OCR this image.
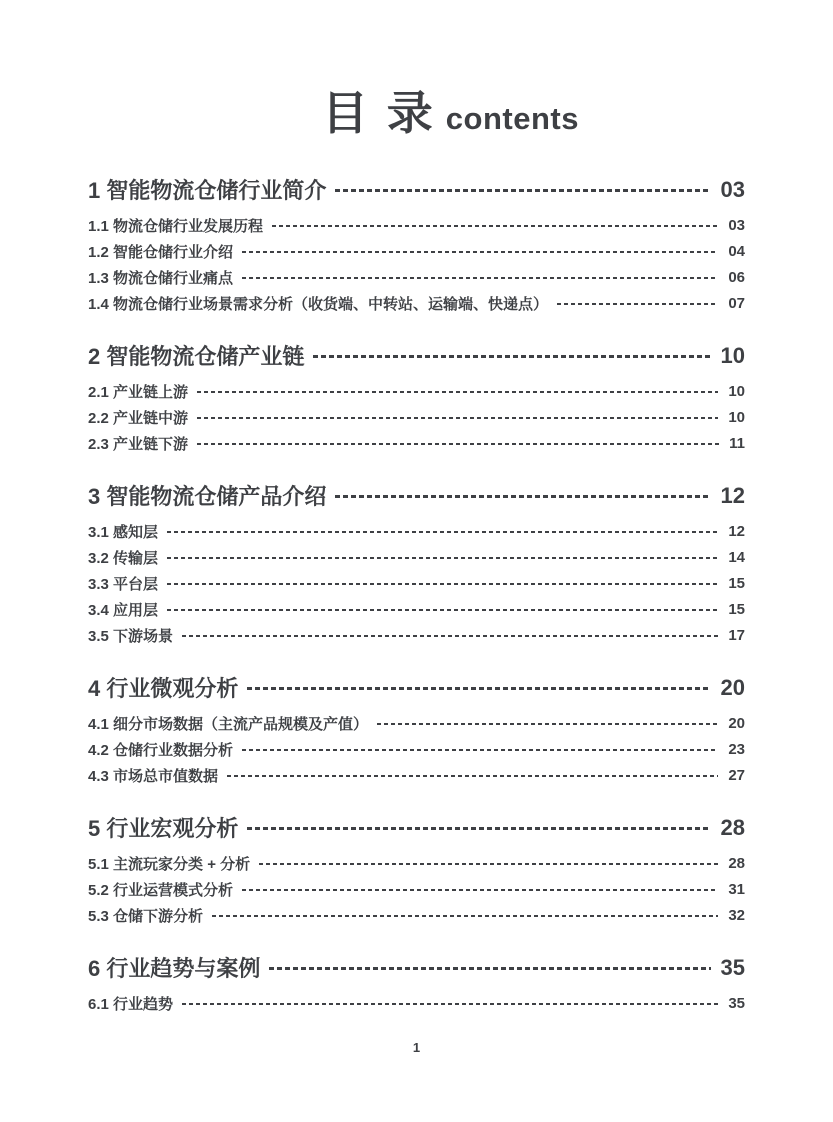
目 录 contents
1 智能物流仓储行业简介	03
1.1 物流仓储行业发展历程	03
1.2 智能仓储行业介绍	04
1.3 物流仓储行业痛点	06
1.4 物流仓储行业场景需求分析（收货端、中转站、运输端、快递点）	07
2 智能物流仓储产业链	10
2.1 产业链上游	10
2.2 产业链中游	10
2.3 产业链下游	11
3 智能物流仓储产品介绍	12
3.1 感知层	12
3.2 传输层	14
3.3 平台层	15
3.4 应用层	15
3.5 下游场景	17
4 行业微观分析	20
4.1 细分市场数据（主流产品规模及产值）	20
4.2 仓储行业数据分析	23
4.3 市场总市值数据	27
5 行业宏观分析	28
5.1 主流玩家分类 + 分析	28
5.2 行业运营模式分析	31
5.3 仓储下游分析	32
6 行业趋势与案例	35
6.1 行业趋势	35
1
